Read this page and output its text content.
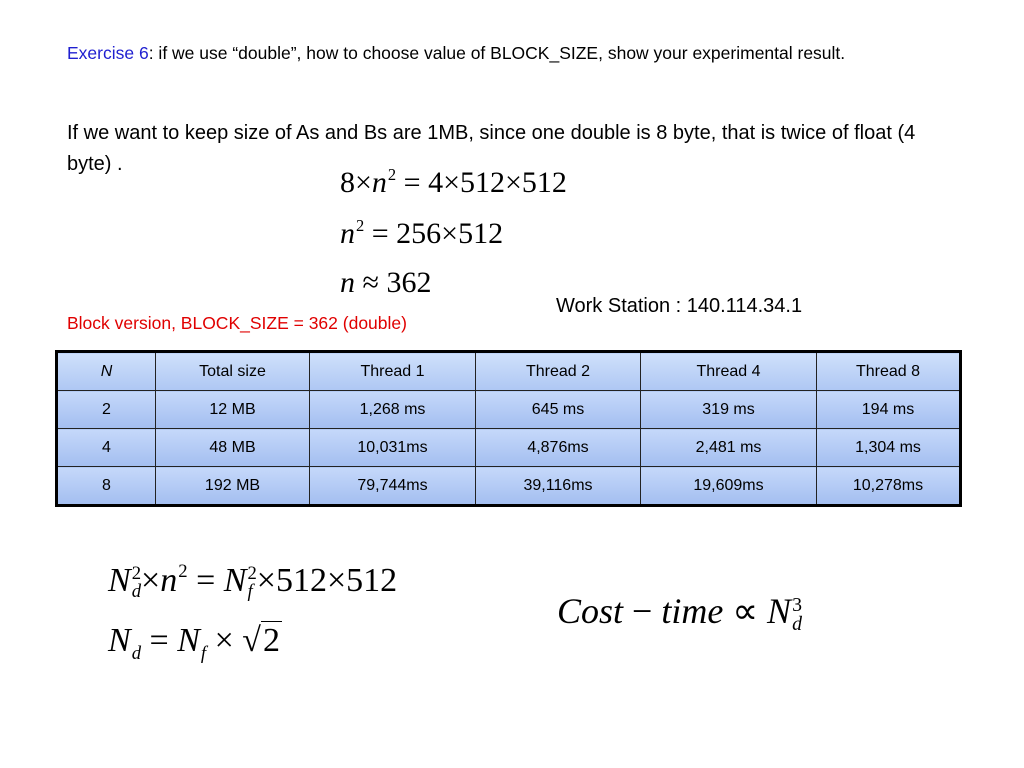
Exercise 6: if we use “double”, how to choose value of BLOCK_SIZE, show your experimental result.
If we want to keep size of As and Bs are 1MB, since one double is 8 byte, that is twice of float (4 byte) .
$8\times n^2 = 4\times 512\times 512$
$n^2 = 256\times 512$
n ≈ 362
Work Station : 140.114.34.1
Block version, BLOCK_SIZE = 362 (double)
N	Total size	Thread 1	Thread 2	Thread 4	Thread 8
2	12 MB	1,268 ms	645 ms	319 ms	194 ms
4	48 MB	10,031ms	4,876ms	2,481 ms	1,304 ms
8	192 MB	79,744ms	39,116ms	19,609ms	10,278ms
N 2
$d \times n^2 = N$ 2
f ×512×512
$N_d = N_f \times √2$
Cost − time ∝ N 3
d
